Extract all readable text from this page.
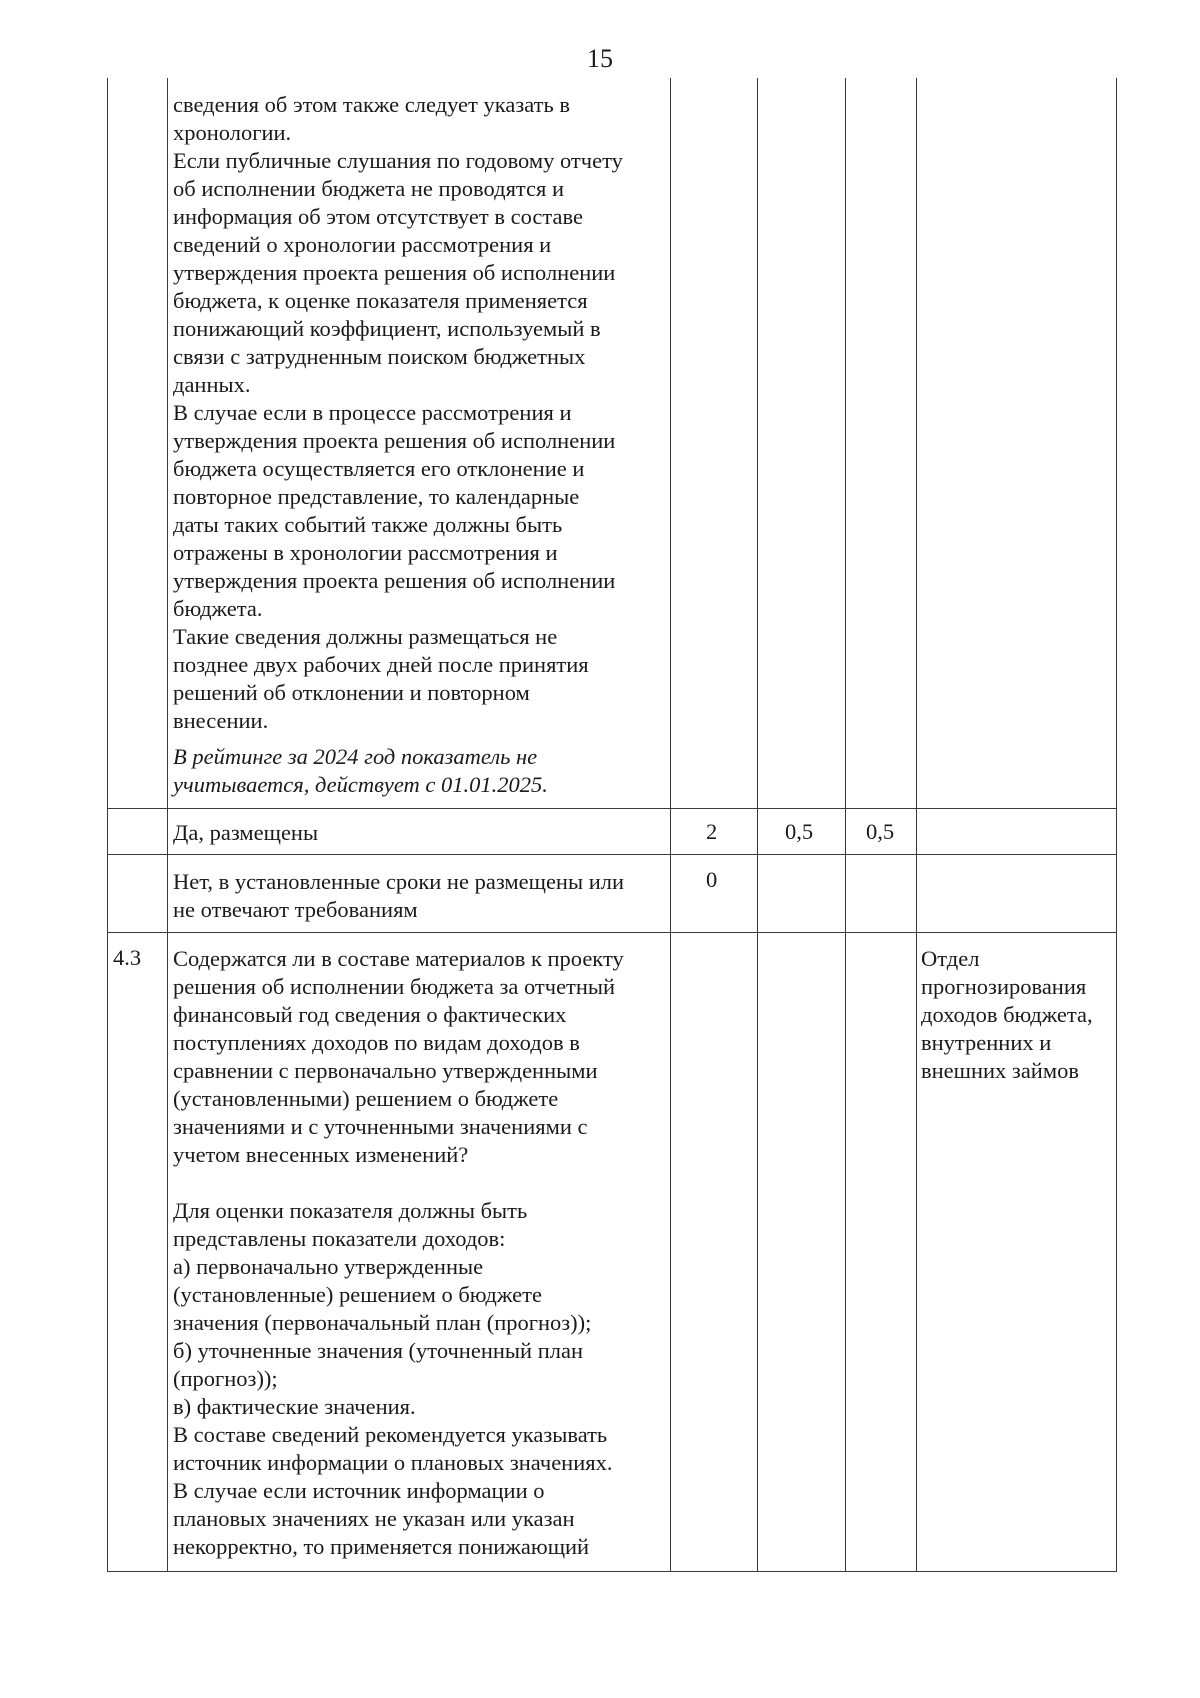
15

сведения об этом также следует указать в
хронологии.
Если публичные слушания по годовому отчету
об исполнении бюджета не проводятся и
информация об этом отсутствует в составе
сведений о хронологии рассмотрения и
утверждения проекта решения об исполнении
бюджета, к оценке показателя применяется
понижающий коэффициент, используемый в
связи с затрудненным поиском бюджетных
данных.
В случае если в процессе рассмотрения и
утверждения проекта решения об исполнении
бюджета осуществляется его отклонение и
повторное представление, то календарные
даты таких событий также должны быть
отражены в хронологии рассмотрения и
утверждения проекта решения об исполнении
бюджета.
Такие сведения должны размещаться не
позднее двух рабочих дней после принятия
решений об отклонении и повторном
внесении.

В рейтинге за 2024 год показатель не
учитывается, действует с 01.01.2025.

Да, размещены	2	0,5 0,5
Нет, в установленные сроки не размещены или
не отвечают требованиям
0
4.3 Содержатся ли в составе материалов к проекту
решения об исполнении бюджета за отчетный
финансовый год сведения о фактических
поступлениях доходов по видам доходов в
сравнении с первоначально утвержденными
(установленными) решением о бюджете
значениями и с уточненными значениями с
учетом внесенных изменений?

Для оценки показателя должны быть
представлены показатели доходов:
а) первоначально утвержденные
(установленные) решением о бюджете
значения (первоначальный план (прогноз));
б) уточненные значения (уточненный план
(прогноз));
в) фактические значения.
В составе сведений рекомендуется указывать
источник информации о плановых значениях.
В случае если источник информации о
плановых значениях не указан или указан
некорректно, то применяется понижающий

Отдел
прогнозирования
доходов бюджета,
внутренних и
внешних займов
